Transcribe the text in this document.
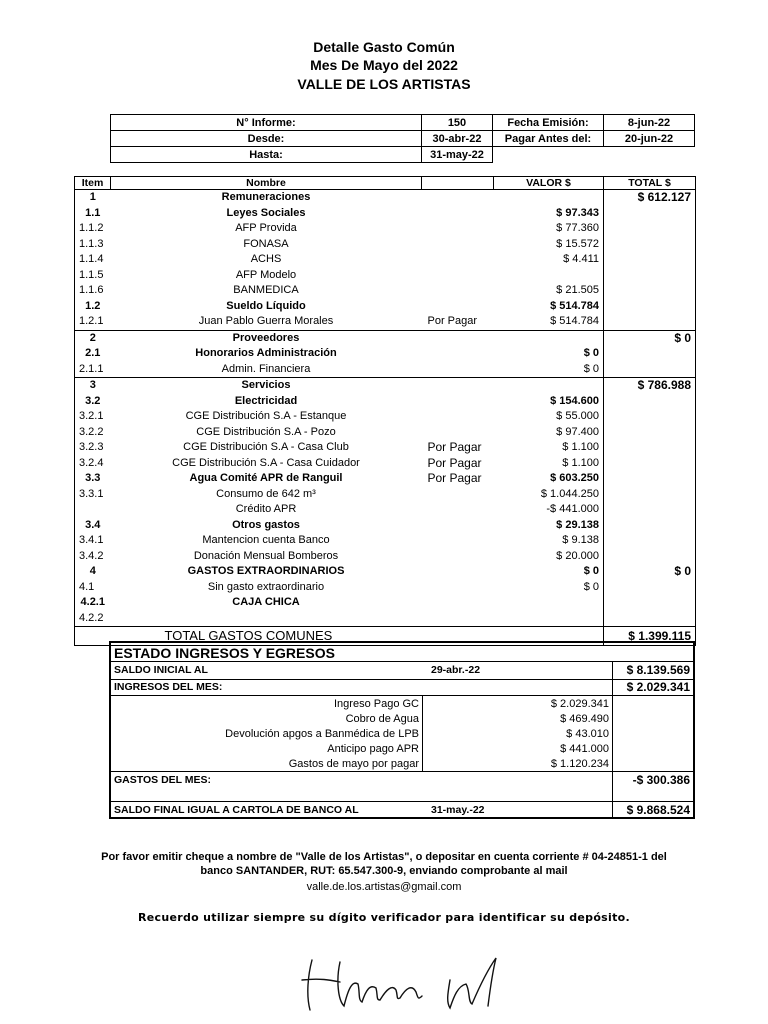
Detalle Gasto Común
Mes De Mayo del 2022
VALLE DE LOS ARTISTAS
N° Informe:	150	Fecha Emisión:	8-jun-22
Desde:	30-abr-22	Pagar Antes del:	20-jun-22
Hasta:	31-may-22		
Item	Nombre		VALOR $	TOTAL $
1	Remuneraciones			$ 612.127
1.1	Leyes Sociales		$ 97.343	
1.1.2	AFP Provida		$ 77.360	
1.1.3	FONASA		$ 15.572	
1.1.4	ACHS		$ 4.411	
1.1.5	AFP Modelo			
1.1.6	BANMEDICA		$ 21.505	
1.2	Sueldo Líquido		$ 514.784	
1.2.1	Juan Pablo Guerra Morales	Por Pagar	$ 514.784	
2	Proveedores			$ 0
2.1	Honorarios Administración		$ 0	
2.1.1	Admin. Financiera		$ 0	
3	Servicios			$ 786.988
3.2	Electricidad		$ 154.600	
3.2.1	CGE Distribución S.A - Estanque		$ 55.000	
3.2.2	CGE Distribución S.A - Pozo		$ 97.400	
3.2.3	CGE Distribución S.A - Casa Club	Por Pagar	$ 1.100	
3.2.4	CGE Distribución S.A - Casa Cuidador	Por Pagar	$ 1.100	
3.3	Agua Comité APR de Ranguil	Por Pagar	$ 603.250	
3.3.1	Consumo de 642 m³		$ 1.044.250	
	Crédito APR		-$ 441.000	
3.4	Otros gastos		$ 29.138	
3.4.1	Mantencion cuenta Banco		$ 9.138	
3.4.2	Donación Mensual Bomberos		$ 20.000	
4	GASTOS EXTRAORDINARIOS		$ 0	$ 0
4.1	Sin gasto extraordinario		$ 0	
4.2.1	CAJA CHICA			
4.2.2				
	TOTAL GASTOS COMUNES			$ 1.399.115
ESTADO INGRESOS Y EGRESOS
SALDO INICIAL AL	29-abr.-22	$ 8.139.569
INGRESOS DEL MES:	$ 2.029.341
Ingreso Pago GC	$ 2.029.341
Cobro de Agua	$ 469.490
Devolución apgos a Banmédica de LPB	$ 43.010
Anticipo pago APR	$ 441.000
Gastos de mayo por pagar	$ 1.120.234
GASTOS DEL MES:	-$ 300.386
SALDO FINAL IGUAL A CARTOLA DE BANCO AL	31-may.-22	$ 9.868.524
Por favor emitir cheque a nombre de "Valle de los Artistas", o depositar en cuenta corriente # 04-24851-1 del
banco SANTANDER, RUT: 65.547.300-9, enviando comprobante al mail
valle.de.los.artistas@gmail.com
Recuerdo utilizar siempre su dígito verificador para identificar su depósito.
